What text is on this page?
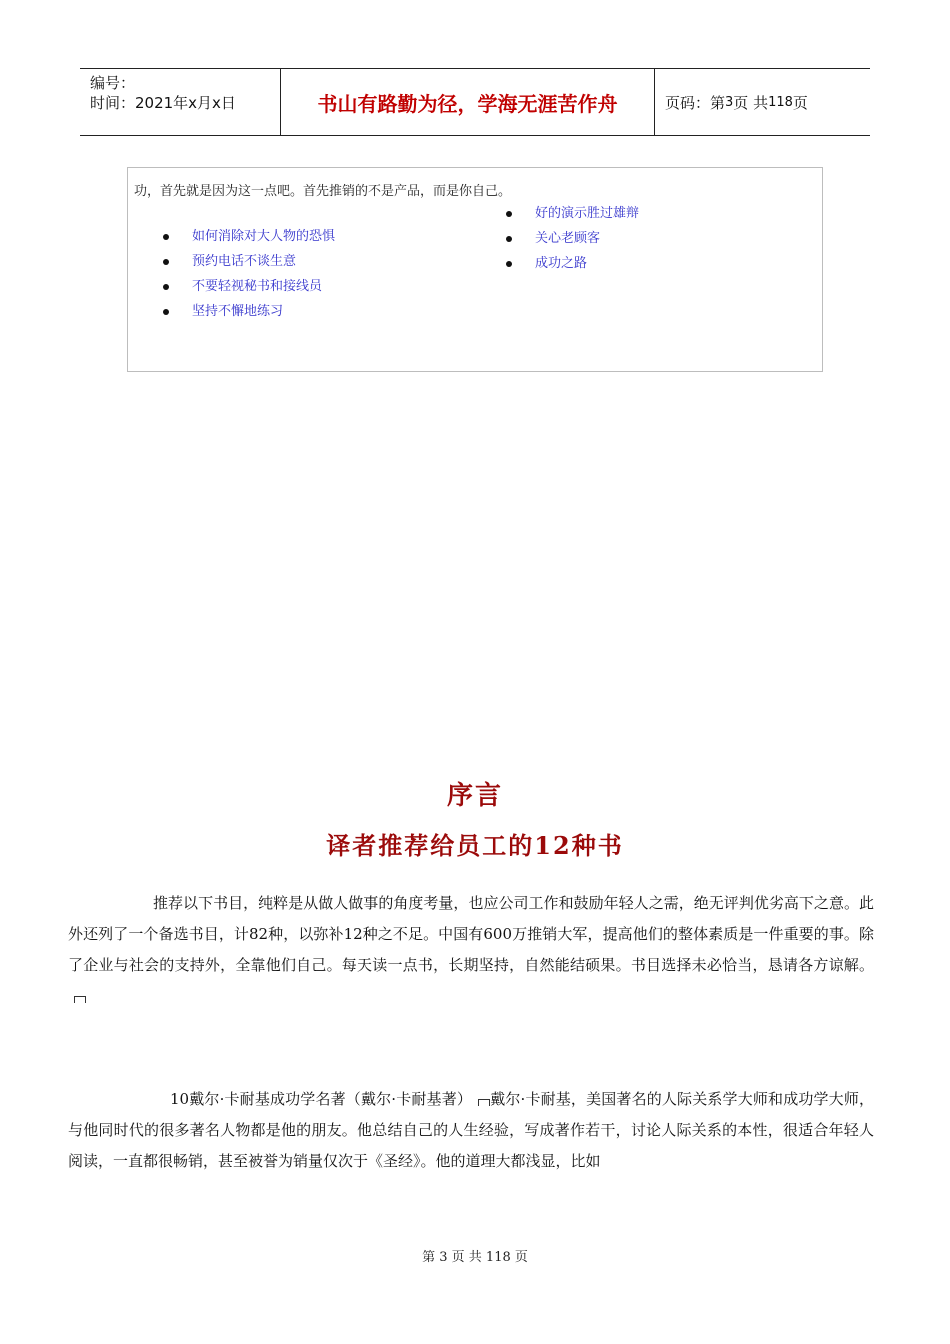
编号：
时间：2021年x月x日	书山有路勤为径，学海无涯苦作舟	页码：第 3 页 共 118 页
功，首先就是因为这一点吧。首先推销的不是产品，而是你自己。
如何消除对大人物的恐惧
预约电话不谈生意
不要轻视秘书和接线员
坚持不懈地练习
好的演示胜过雄辩
关心老顾客
成功之路
序言
译者推荐给员工的12种书

推荐以下书目，纯粹是从做人做事的角度考量，也应公司工作和鼓励年轻人之需，绝无评判优劣高下之意。此外还列了一个备选书目，计82种，以弥补12种之不足。中国有600万推销大军，提高他们的整体素质是一件重要的事。除了企业与社会的支持外，全靠他们自己。每天读一点书，长期坚持，自然能结硕果。书目选择未必恰当，恳请各方谅解。

10戴尔·卡耐基成功学名著（戴尔·卡耐基著） 戴尔·卡耐基，美国著名的人际关系学大师和成功学大师，与他同时代的很多著名人物都是他的朋友。他总结自己的人生经验，写成著作若干，讨论人际关系的本性，很适合年轻人阅读，一直都很畅销，甚至被誉为销量仅次于《圣经》。他的道理大都浅显，比如

第 3 页 共 118 页
